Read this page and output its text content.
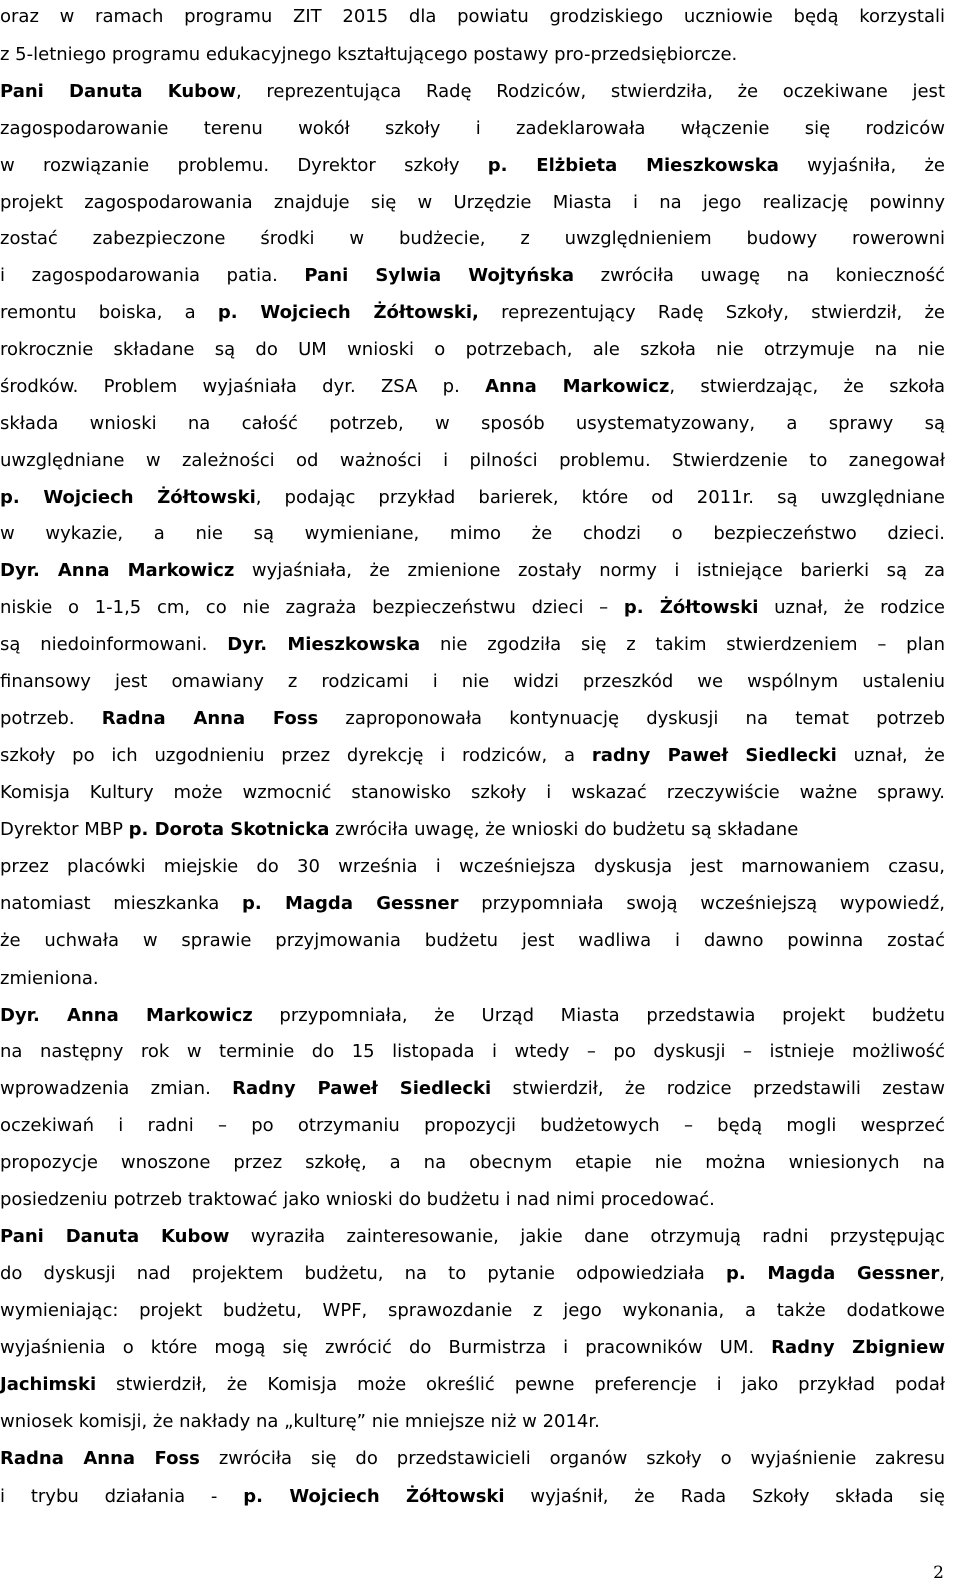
oraz w ramach programu ZIT 2015 dla powiatu grodziskiego uczniowie będą korzystali
z 5-letniego programu edukacyjnego kształtującego postawy pro-przedsiębiorcze.
Pani Danuta Kubow, reprezentująca Radę Rodziców, stwierdziła, że oczekiwane jest
zagospodarowanie terenu wokół szkoły i zadeklarowała włączenie się rodziców
w rozwiązanie problemu. Dyrektor szkoły p. Elżbieta Mieszkowska wyjaśniła, że
projekt zagospodarowania znajduje się w Urzędzie Miasta i na jego realizację powinny
zostać zabezpieczone środki w budżecie, z uwzględnieniem budowy rowerowni
i zagospodarowania patia. Pani Sylwia Wojtyńska zwróciła uwagę na konieczność
remontu boiska, a p. Wojciech Żółtowski, reprezentujący Radę Szkoły, stwierdził, że
rokrocznie składane są do UM wnioski o potrzebach, ale szkoła nie otrzymuje na nie
środków. Problem wyjaśniała dyr. ZSA p. Anna Markowicz, stwierdzając, że szkoła
składa wnioski na całość potrzeb, w sposób usystematyzowany, a sprawy są
uwzględniane w zależności od ważności i pilności problemu. Stwierdzenie to zanegował
p. Wojciech Żółtowski, podając przykład barierek, które od 2011r. są uwzględniane
w wykazie, a nie są wymieniane, mimo że chodzi o bezpieczeństwo dzieci.
Dyr. Anna Markowicz wyjaśniała, że zmienione zostały normy i istniejące barierki są za
niskie o 1-1,5 cm, co nie zagraża bezpieczeństwu dzieci – p. Żółtowski uznał, że rodzice
są niedoinformowani. Dyr. Mieszkowska nie zgodziła się z takim stwierdzeniem – plan
finansowy jest omawiany z rodzicami i nie widzi przeszkód we wspólnym ustaleniu
potrzeb. Radna Anna Foss zaproponowała kontynuację dyskusji na temat potrzeb
szkoły po ich uzgodnieniu przez dyrekcję i rodziców, a radny Paweł Siedlecki uznał, że
Komisja Kultury może wzmocnić stanowisko szkoły i wskazać rzeczywiście ważne sprawy.
Dyrektor MBP p. Dorota Skotnicka zwróciła uwagę, że wnioski do budżetu są składane
przez placówki miejskie do 30 września i wcześniejsza dyskusja jest marnowaniem czasu,
natomiast mieszkanka p. Magda Gessner przypomniała swoją wcześniejszą wypowiedź,
że uchwała w sprawie przyjmowania budżetu jest wadliwa i dawno powinna zostać
zmieniona.
Dyr. Anna Markowicz przypomniała, że Urząd Miasta przedstawia projekt budżetu
na następny rok w terminie do 15 listopada i wtedy – po dyskusji – istnieje możliwość
wprowadzenia zmian. Radny Paweł Siedlecki stwierdził, że rodzice przedstawili zestaw
oczekiwań i radni – po otrzymaniu propozycji budżetowych – będą mogli wesprzeć
propozycje wnoszone przez szkołę, a na obecnym etapie nie można wniesionych na
posiedzeniu potrzeb traktować jako wnioski do budżetu i nad nimi procedować.
Pani Danuta Kubow wyraziła zainteresowanie, jakie dane otrzymują radni przystępując
do dyskusji nad projektem budżetu, na to pytanie odpowiedziała p. Magda Gessner,
wymieniając: projekt budżetu, WPF, sprawozdanie z jego wykonania, a także dodatkowe
wyjaśnienia o które mogą się zwrócić do Burmistrza i pracowników UM. Radny Zbigniew
Jachimski stwierdził, że Komisja może określić pewne preferencje i jako przykład podał
wniosek komisji, że nakłady na „kulturę” nie mniejsze niż w 2014r.
Radna Anna Foss zwróciła się do przedstawicieli organów szkoły o wyjaśnienie zakresu
i trybu działania - p. Wojciech Żółtowski wyjaśnił, że Rada Szkoły składa się
2
